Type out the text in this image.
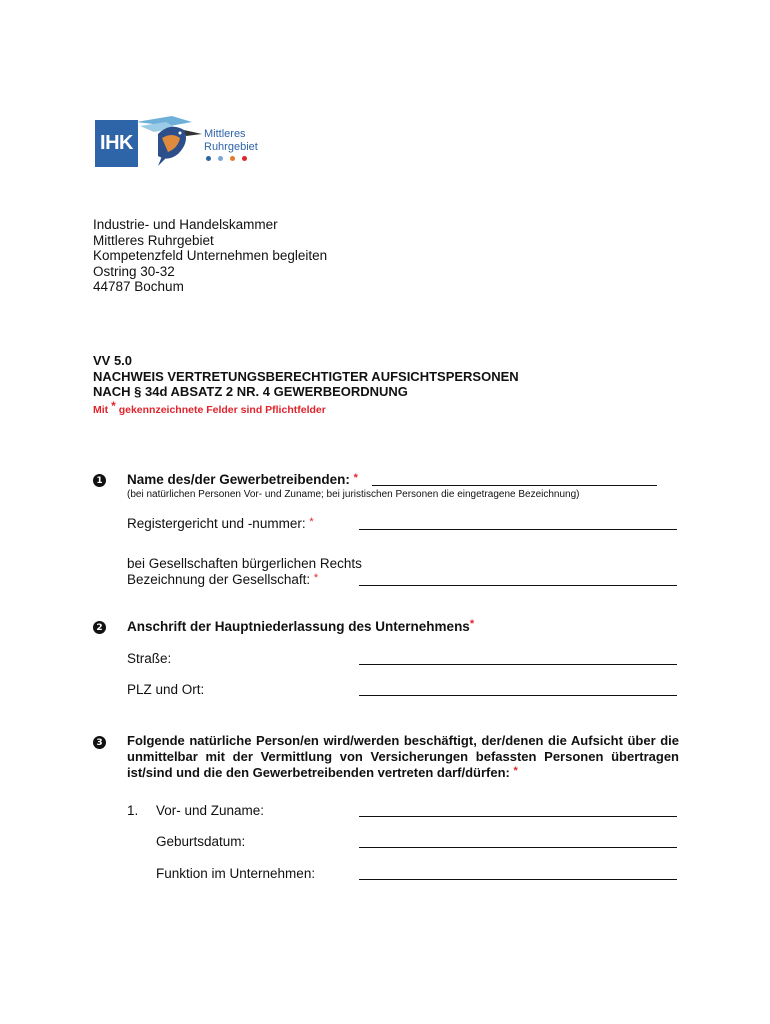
IHK	Mittleres
Ruhrgebiet
Industrie- und Handelskammer
Mittleres Ruhrgebiet
Kompetenzfeld Unternehmen begleiten
Ostring 30-32
44787 Bochum
VV 5.0
NACHWEIS VERTRETUNGSBERECHTIGTER AUFSICHTSPERSONEN
NACH § 34d ABSATZ 2 NR. 4 GEWERBEORDNUNG
Mit * gekennzeichnete Felder sind Pflichtfelder
1 Name des/der Gewerbetreibenden: *
(bei natürlichen Personen Vor- und Zuname; bei juristischen Personen die eingetragene Bezeichnung)
Registergericht und -nummer: *
bei Gesellschaften bürgerlichen Rechts
Bezeichnung der Gesellschaft: *
2 Anschrift der Hauptniederlassung des Unternehmens*
Straße:
PLZ und Ort:
3 Folgende natürliche Person/en wird/werden beschäftigt, der/denen die Aufsicht über die unmittelbar mit der Vermittlung von Versicherungen befassten Personen übertragen ist/sind und die den Gewerbetreibenden vertreten darf/dürfen: *
1. Vor- und Zuname:
Geburtsdatum:
Funktion im Unternehmen:
